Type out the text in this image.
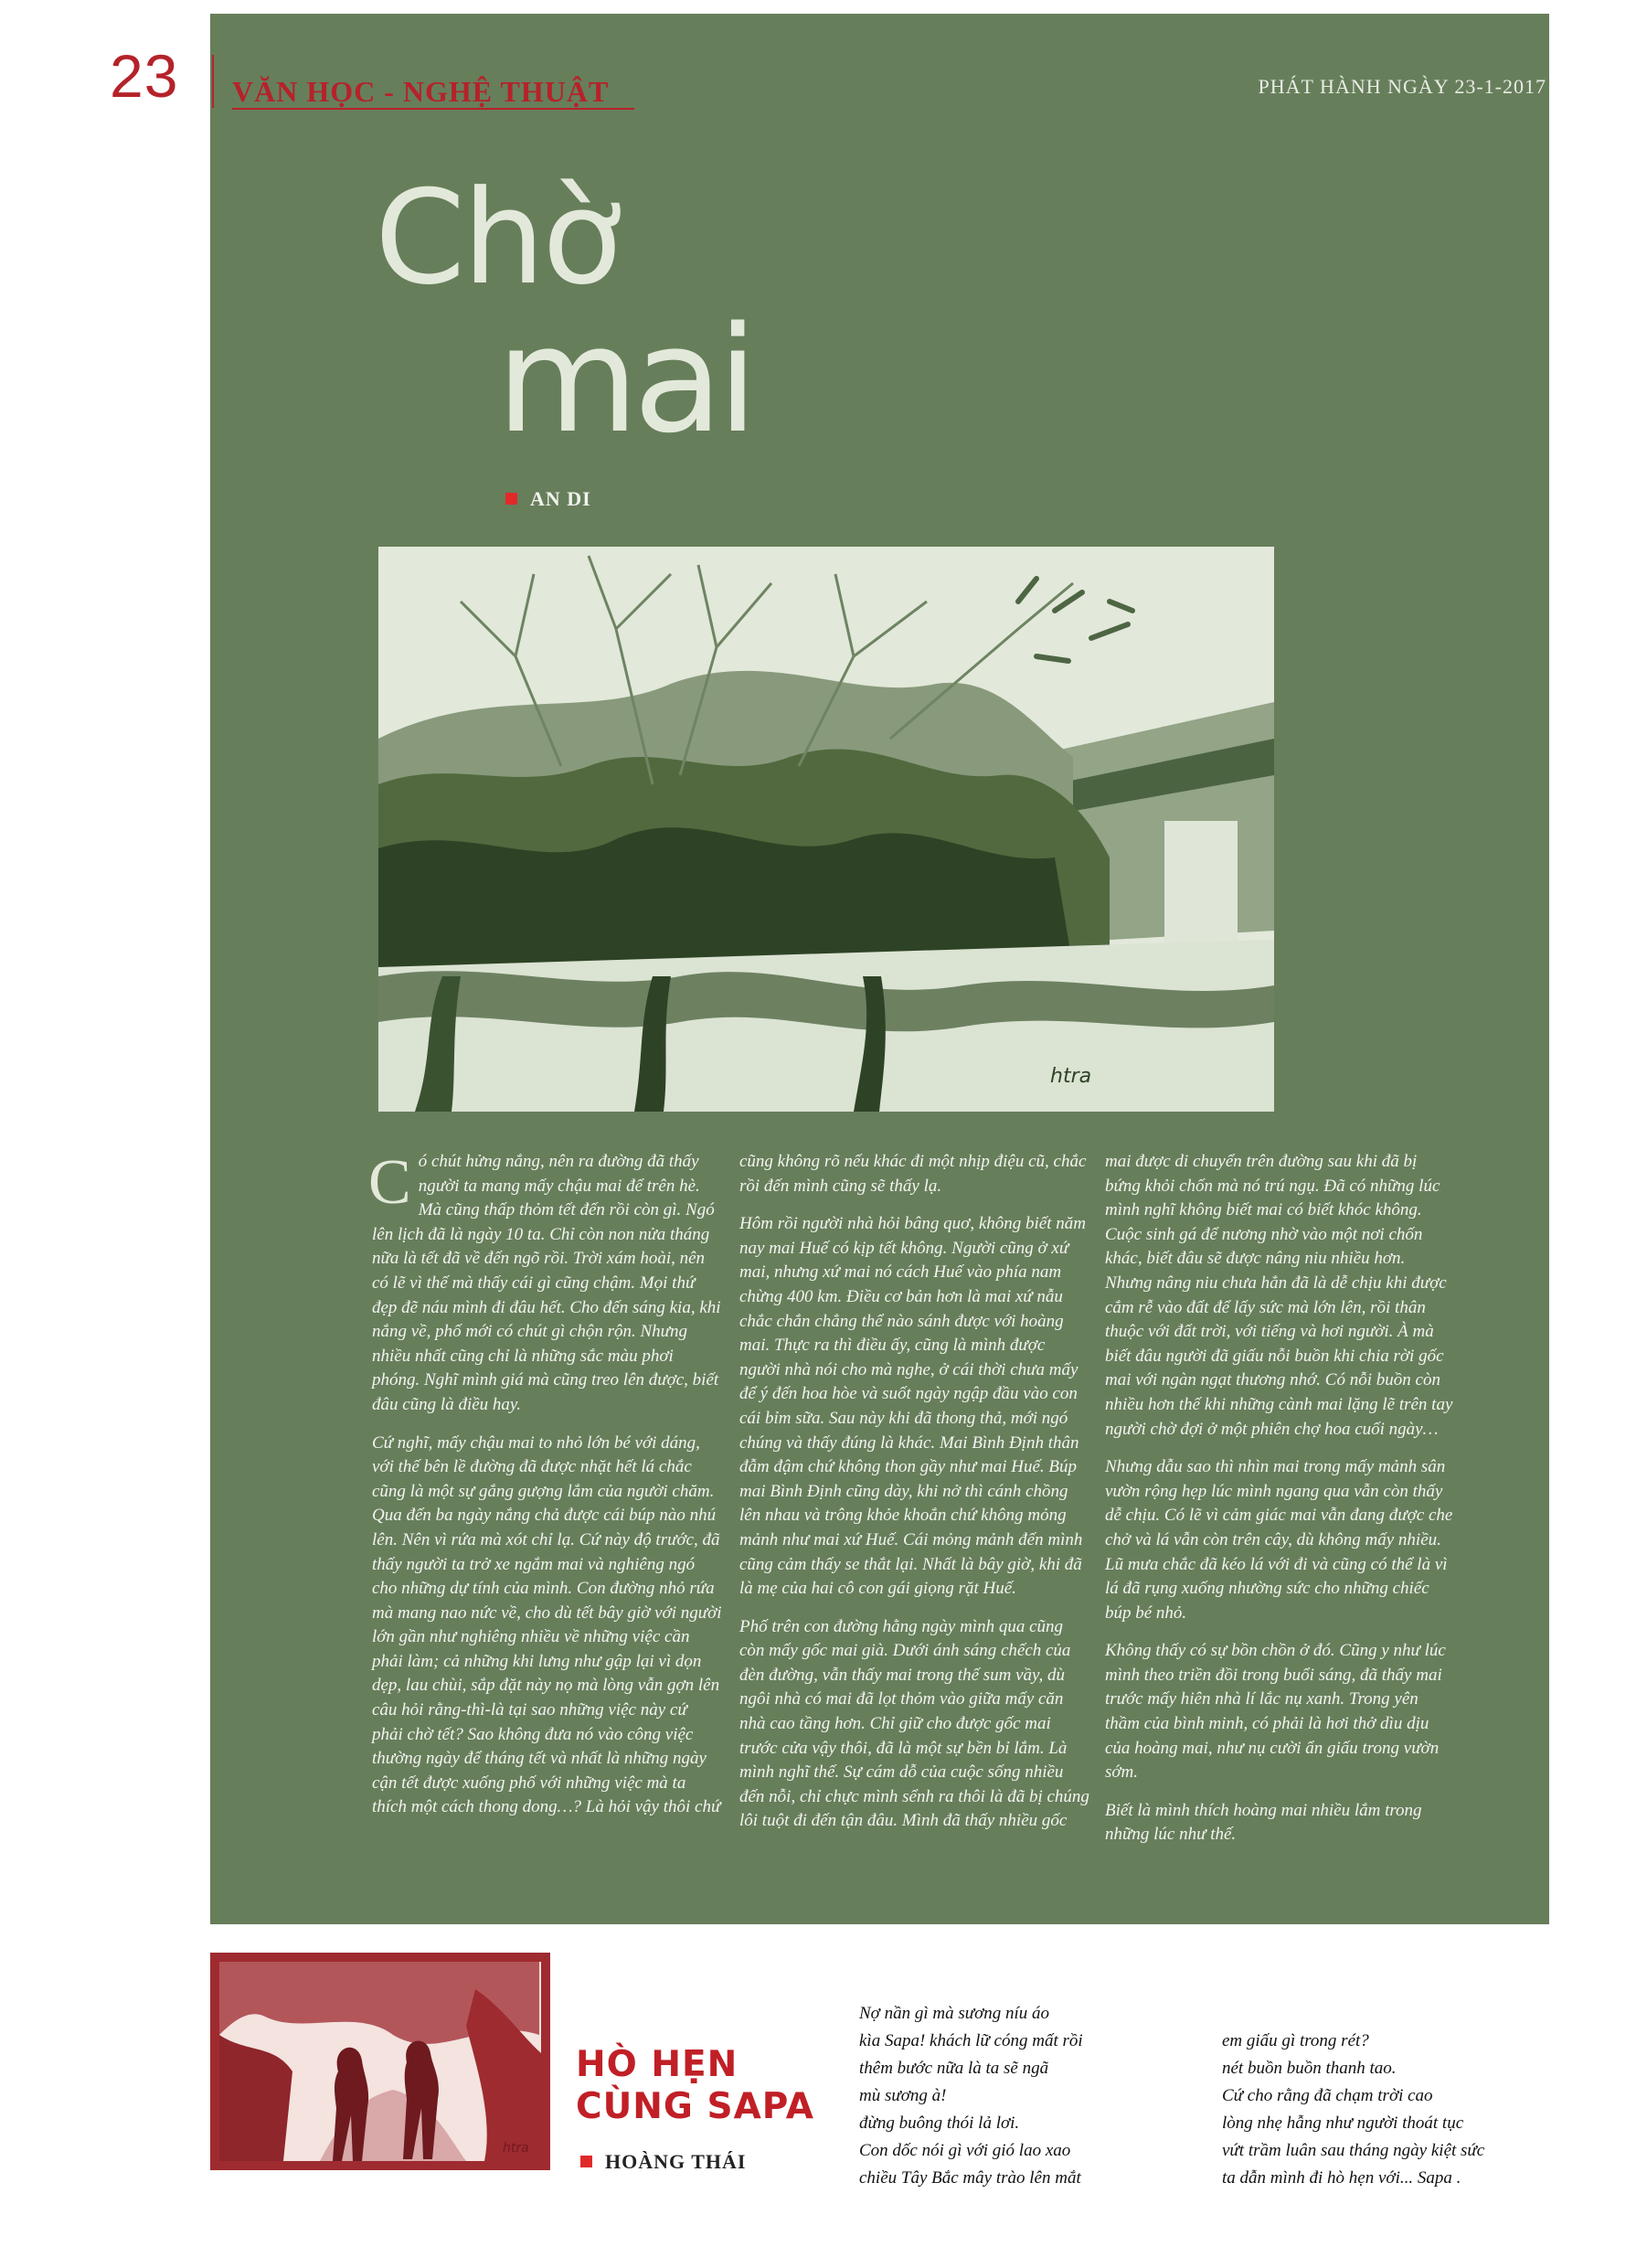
23 VĂN HỌC - NGHỆ THUẬT	PHÁT HÀNH NGÀY 23-1-2017
Chờ
mai
AN DI
htra

Có chút hửng nắng, nên ra đường đã thấy người ta mang mấy chậu mai để trên hè. Mà cũng thấp thỏm tết đến rồi còn gì. Ngó lên lịch đã là ngày 10 ta. Chỉ còn non nửa tháng nữa là tết đã về đến ngõ rồi. Trời xám hoài, nên có lẽ vì thế mà thấy cái gì cũng chậm. Mọi thứ đẹp đẽ náu mình đi đâu hết. Cho đến sáng kia, khi nắng về, phố mới có chút gì chộn rộn. Nhưng nhiều nhất cũng chỉ là những sắc màu phơi phóng. Nghĩ mình giá mà cũng treo lên được, biết đâu cũng là điều hay.

Cứ nghĩ, mấy chậu mai to nhỏ lớn bé với dáng, với thế bên lề đường đã được nhặt hết lá chắc cũng là một sự gắng gượng lắm của người chăm. Qua đến ba ngày nắng chả được cái búp nào nhú lên. Nên vì rứa mà xót chỉ lạ. Cứ này độ trước, đã thấy người ta trở xe ngắm mai và nghiêng ngó cho những dự tính của mình. Con đường nhỏ rứa mà mang nao nức về, cho dù tết bây giờ với người lớn gần như nghiêng nhiều về những việc cần phải làm; cả những khi lưng như gập lại vì dọn dẹp, lau chùi, sắp đặt này nọ mà lòng vẫn gợn lên câu hỏi rằng-thì-là tại sao những việc này cứ phải chờ tết? Sao không đưa nó vào công việc thường ngày để tháng tết và nhất là những ngày cận tết được xuống phố với những việc mà ta thích một cách thong dong…? Là hỏi vậy thôi chứ

cũng không rõ nếu khác đi một nhịp điệu cũ, chắc rồi đến mình cũng sẽ thấy lạ.

Hôm rồi người nhà hỏi bâng quơ, không biết năm nay mai Huế có kịp tết không. Người cũng ở xứ mai, nhưng xứ mai nó cách Huế vào phía nam chừng 400 km. Điều cơ bản hơn là mai xứ nẫu chắc chắn chẳng thể nào sánh được với hoàng mai. Thực ra thì điều ấy, cũng là mình được người nhà nói cho mà nghe, ở cái thời chưa mấy để ý đến hoa hòe và suốt ngày ngập đầu vào con cái bỉm sữa. Sau này khi đã thong thả, mới ngó chúng và thấy đúng là khác. Mai Bình Định thân đẫm đậm chứ không thon gầy như mai Huế. Búp mai Bình Định cũng dày, khi nở thì cánh chồng lên nhau và trông khỏe khoắn chứ không mỏng mảnh như mai xứ Huế. Cái mỏng mảnh đến mình cũng cảm thấy se thắt lại. Nhất là bây giờ, khi đã là mẹ của hai cô con gái giọng rặt Huế.

Phố trên con đường hằng ngày mình qua cũng còn mấy gốc mai già. Dưới ánh sáng chếch của đèn đường, vẫn thấy mai trong thế sum vầy, dù ngôi nhà có mai đã lọt thỏm vào giữa mấy căn nhà cao tầng hơn. Chỉ giữ cho được gốc mai trước cửa vậy thôi, đã là một sự bền bỉ lắm. Là mình nghĩ thế. Sự cám dỗ của cuộc sống nhiều đến nỗi, chỉ chực mình sểnh ra thôi là đã bị chúng lôi tuột đi đến tận đâu. Mình đã thấy nhiều gốc

mai được di chuyển trên đường sau khi đã bị bứng khỏi chốn mà nó trú ngụ. Đã có những lúc mình nghĩ không biết mai có biết khóc không. Cuộc sinh gá để nương nhờ vào một nơi chốn khác, biết đâu sẽ được nâng niu nhiều hơn. Nhưng nâng niu chưa hẳn đã là dễ chịu khi được cắm rễ vào đất để lấy sức mà lớn lên, rồi thân thuộc với đất trời, với tiếng và hơi người. À mà biết đâu người đã giấu nỗi buồn khi chia rời gốc mai với ngàn ngạt thương nhớ. Có nỗi buồn còn nhiều hơn thế khi những cành mai lặng lẽ trên tay người chờ đợi ở một phiên chợ hoa cuối ngày…

Nhưng dẫu sao thì nhìn mai trong mấy mảnh sân vườn rộng hẹp lúc mình ngang qua vẫn còn thấy dễ chịu. Có lẽ vì cảm giác mai vẫn đang được che chở và lá vẫn còn trên cây, dù không mấy nhiều. Lũ mưa chắc đã kéo lá với đi và cũng có thể là vì lá đã rụng xuống nhường sức cho những chiếc búp bé nhỏ.

Không thấy có sự bồn chồn ở đó. Cũng y như lúc mình theo triền đồi trong buổi sáng, đã thấy mai trước mấy hiên nhà lí lắc nụ xanh. Trong yên thầm của bình minh, có phải là hơi thở dìu dịu của hoàng mai, như nụ cười ẩn giấu trong vườn sớm.

Biết là mình thích hoàng mai nhiều lắm trong những lúc như thế.

htra
HÒ HẸN
CÙNG SAPA
HOÀNG THÁI
Nợ nần gì mà sương níu áo
kìa Sapa! khách lữ cóng mất rồi
thêm bước nữa là ta sẽ ngã
mù sương à!
đừng buông thói lả lơi.
Con dốc nói gì với gió lao xao
chiều Tây Bắc mây trào lên mắt
em giấu gì trong rét?
nét buồn buồn thanh tao.
Cứ cho rằng đã chạm trời cao
lòng nhẹ hẫng như người thoát tục
vứt trầm luân sau tháng ngày kiệt sức
ta dẫn mình đi hò hẹn với... Sapa .
